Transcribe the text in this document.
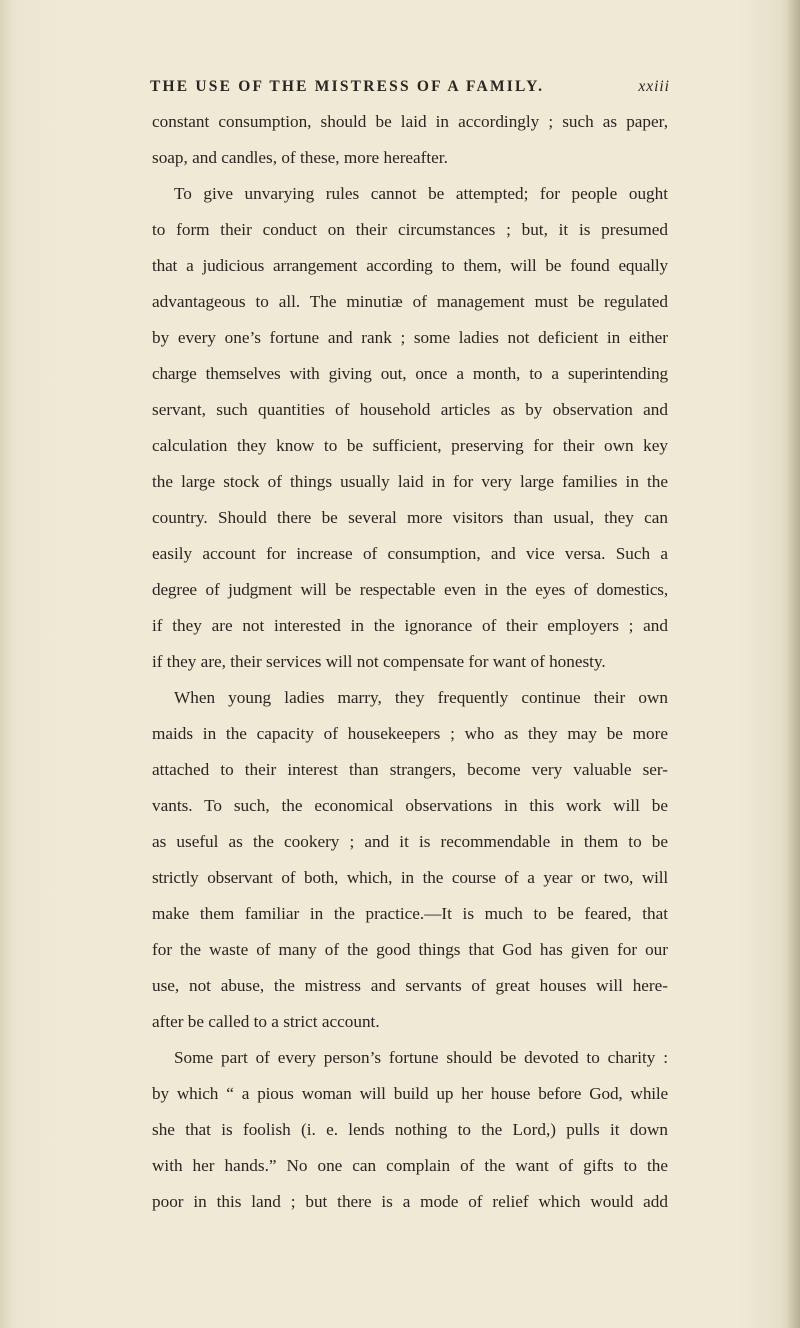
THE USE OF THE MISTRESS OF A FAMILY.	xxiii
constant consumption, should be laid in accordingly ; such as paper,
soap, and candles, of these, more hereafter.
To give unvarying rules cannot be attempted; for people ought
to form their conduct on their circumstances ; but, it is presumed
that a judicious arrangement according to them, will be found equally
advantageous to all. The minutiæ of management must be regulated
by every one’s fortune and rank ; some ladies not deficient in either
charge themselves with giving out, once a month, to a superintending
servant, such quantities of household articles as by observation and
calculation they know to be sufficient, preserving for their own key
the large stock of things usually laid in for very large families in the
country. Should there be several more visitors than usual, they can
easily account for increase of consumption, and vice versa. Such a
degree of judgment will be respectable even in the eyes of domestics,
if they are not interested in the ignorance of their employers ; and
if they are, their services will not compensate for want of honesty.
When young ladies marry, they frequently continue their own
maids in the capacity of housekeepers ; who as they may be more
attached to their interest than strangers, become very valuable ser-
vants. To such, the economical observations in this work will be
as useful as the cookery ; and it is recommendable in them to be
strictly observant of both, which, in the course of a year or two, will
make them familiar in the practice.—It is much to be feared, that
for the waste of many of the good things that God has given for our
use, not abuse, the mistress and servants of great houses will here-
after be called to a strict account.
Some part of every person’s fortune should be devoted to charity :
by which “ a pious woman will build up her house before God, while
she that is foolish (i. e. lends nothing to the Lord,) pulls it down
with her hands.” No one can complain of the want of gifts to the
poor in this land ; but there is a mode of relief which would add
